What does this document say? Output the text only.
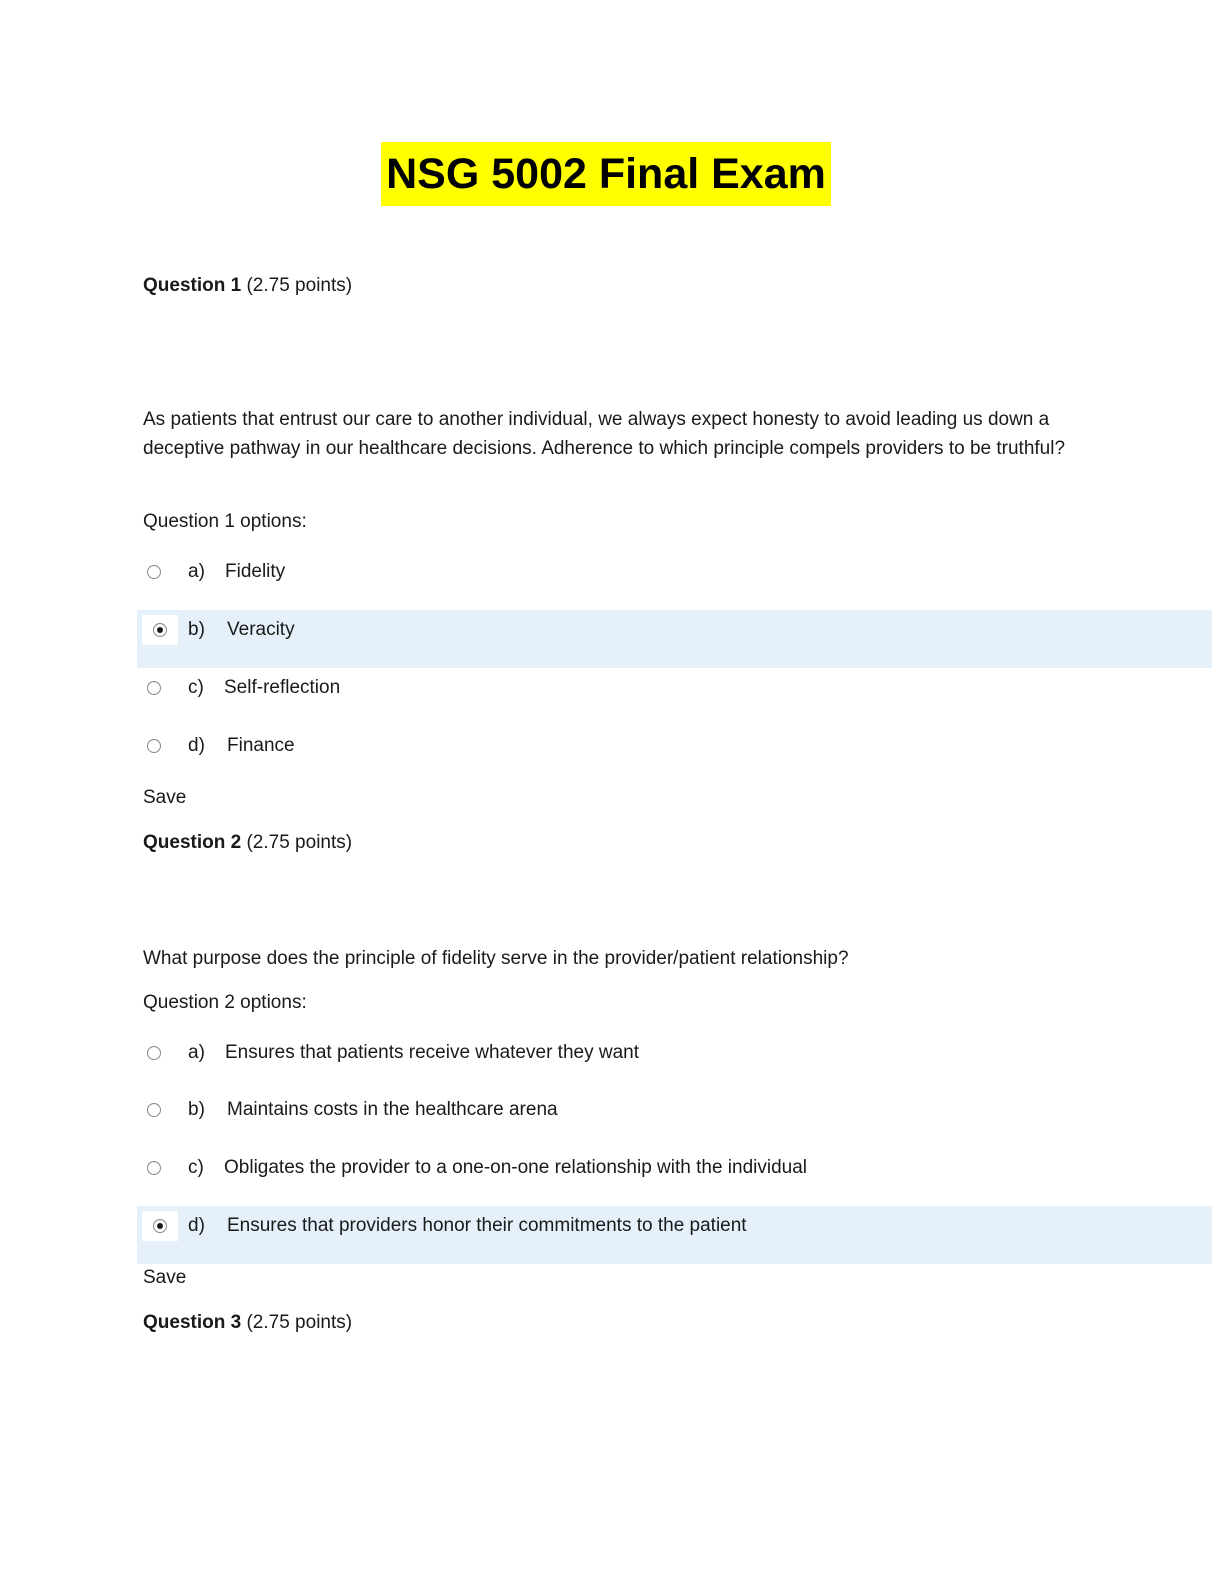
NSG 5002 Final Exam
Question 1 (2.75 points)
As patients that entrust our care to another individual, we always expect honesty to avoid leading us down a deceptive pathway in our healthcare decisions. Adherence to which principle compels providers to be truthful?
Question 1 options:
a) Fidelity
b) Veracity
c) Self-reflection
d) Finance
Save
Question 2 (2.75 points)
What purpose does the principle of fidelity serve in the provider/patient relationship?
Question 2 options:
a) Ensures that patients receive whatever they want
b) Maintains costs in the healthcare arena
c) Obligates the provider to a one-on-one relationship with the individual
d) Ensures that providers honor their commitments to the patient
Save
Question 3 (2.75 points)
